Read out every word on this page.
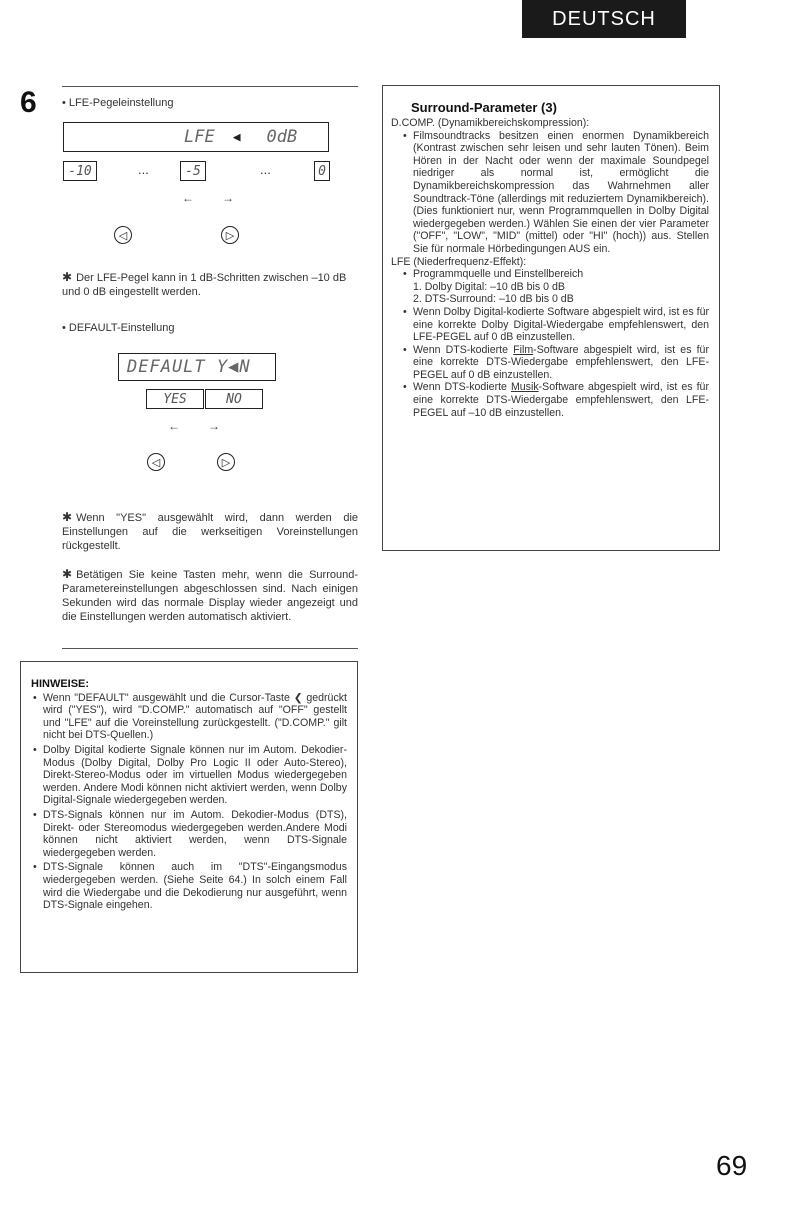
DEUTSCH
6 • LFE-Pegeleinstellung
LFE ◀ 0dB
-10	...	-5	...	0
← →
◁	▷
✱ Der LFE-Pegel kann in 1 dB-Schritten zwischen –10 dB und 0 dB eingestellt werden.
• DEFAULT-Einstellung
DEFAULT Y◀N
YES	NO
← →
◁	▷
✱ Wenn "YES" ausgewählt wird, dann werden die Einstellungen auf die werkseitigen Voreinstellungen rückgestellt.
✱ Betätigen Sie keine Tasten mehr, wenn die Surround-Parametereinstellungen abgeschlossen sind. Nach einigen Sekunden wird das normale Display wieder angezeigt und die Einstellungen werden automatisch aktiviert.
HINWEISE:
• Wenn "DEFAULT" ausgewählt und die Cursor-Taste ❮ gedrückt wird ("YES"), wird "D.COMP." automatisch auf "OFF" gestellt und "LFE" auf die Voreinstellung zurückgestellt. ("D.COMP." gilt nicht bei DTS-Quellen.)
• Dolby Digital kodierte Signale können nur im Autom. Dekodier-Modus (Dolby Digital, Dolby Pro Logic II oder Auto-Stereo), Direkt-Stereo-Modus oder im virtuellen Modus wiedergegeben werden. Andere Modi können nicht aktiviert werden, wenn Dolby Digital-Signale wiedergegeben werden.
• DTS-Signals können nur im Autom. Dekodier-Modus (DTS), Direkt- oder Stereomodus wiedergegeben werden.Andere Modi können nicht aktiviert werden, wenn DTS-Signale wiedergegeben werden.
• DTS-Signale können auch im "DTS"-Eingangsmodus wiedergegeben werden. (Siehe Seite 64.) In solch einem Fall wird die Wiedergabe und die Dekodierung nur ausgeführt, wenn DTS-Signale eingehen.
Surround-Parameter (3)
D.COMP. (Dynamikbereichskompression):
• Filmsoundtracks besitzen einen enormen Dynamikbereich (Kontrast zwischen sehr leisen und sehr lauten Tönen). Beim Hören in der Nacht oder wenn der maximale Soundpegel niedriger als normal ist, ermöglicht die Dynamikbereichskompression das Wahrnehmen aller Soundtrack-Töne (allerdings mit reduziertem Dynamikbereich). (Dies funktioniert nur, wenn Programmquellen in Dolby Digital wiedergegeben werden.) Wählen Sie einen der vier Parameter ("OFF", "LOW", "MID" (mittel) oder "HI" (hoch)) aus. Stellen Sie für normale Hörbedingungen AUS ein.
LFE (Niederfrequenz-Effekt):
• Programmquelle und Einstellbereich
1. Dolby Digital: –10 dB bis 0 dB
2. DTS-Surround: –10 dB bis 0 dB
• Wenn Dolby Digital-kodierte Software abgespielt wird, ist es für eine korrekte Dolby Digital-Wiedergabe empfehlenswert, den LFE-PEGEL auf 0 dB einzustellen.
• Wenn DTS-kodierte Film-Software abgespielt wird, ist es für eine korrekte DTS-Wiedergabe empfehlenswert, den LFE-PEGEL auf 0 dB einzustellen.
• Wenn DTS-kodierte Musik-Software abgespielt wird, ist es für eine korrekte DTS-Wiedergabe empfehlenswert, den LFE-PEGEL auf –10 dB einzustellen.
69
